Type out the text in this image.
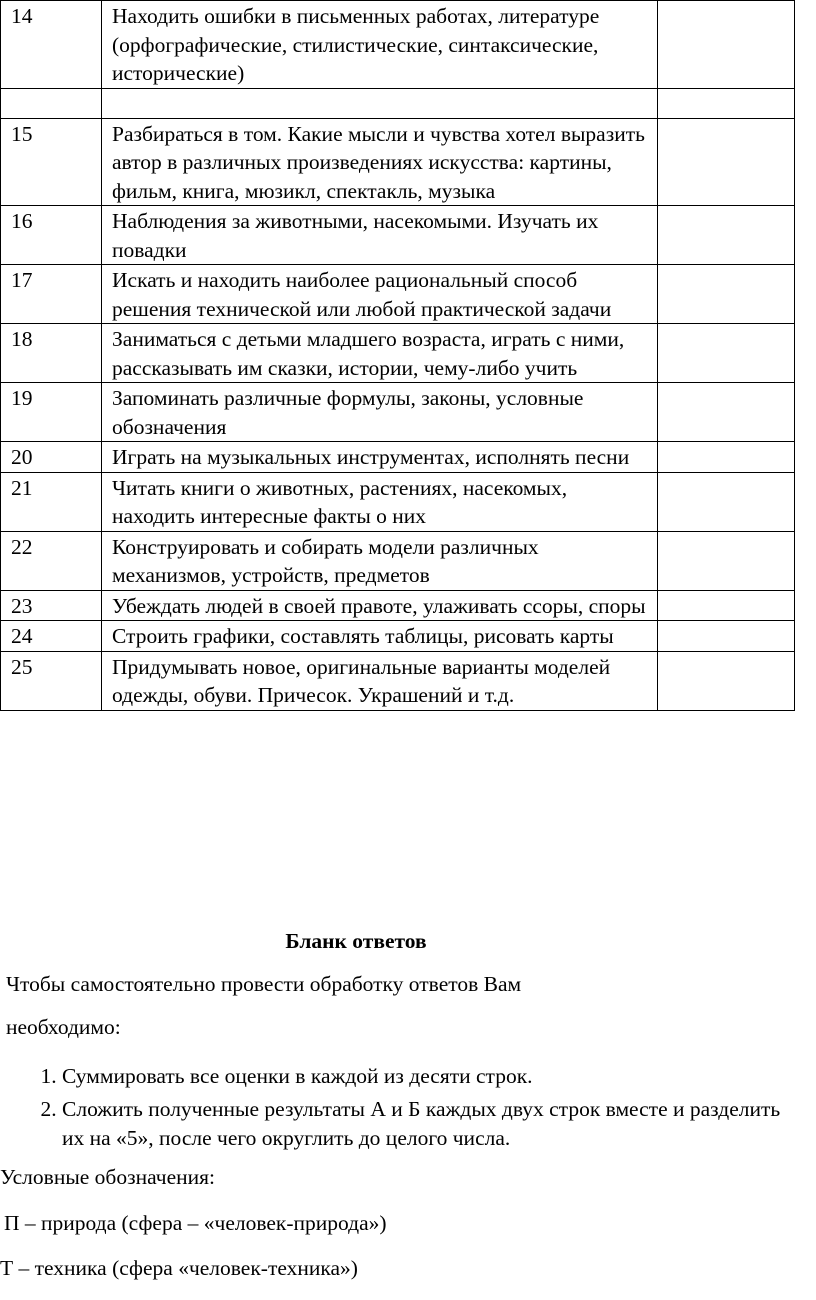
14	Находить ошибки в письменных работах, литературе (орфографические, стилистические, синтаксические, исторические)	

15	Разбираться в том. Какие мысли и чувства хотел выразить автор в различных произведениях искусства: картины, фильм, книга, мюзикл, спектакль, музыка	
16	Наблюдения за животными, насекомыми. Изучать их повадки	
17	Искать и находить наиболее рациональный способ решения технической или любой практической задачи	
18	Заниматься с детьми младшего возраста, играть с ними, рассказывать им сказки, истории, чему-либо учить	
19	Запоминать различные формулы, законы, условные обозначения	
20	Играть на музыкальных инструментах, исполнять песни	
21	Читать книги о животных, растениях, насекомых, находить интересные факты о них	
22	Конструировать и собирать модели различных механизмов, устройств, предметов	
23	Убеждать людей в своей правоте, улаживать ссоры, споры	
24	Строить графики, составлять таблицы, рисовать карты	
25	Придумывать новое, оригинальные варианты моделей одежды, обуви. Причесок. Украшений и т.д.	
Бланк ответов
Чтобы самостоятельно провести обработку ответов Вам
необходимо:
1. Суммировать все оценки в каждой из десяти строк.
2. Сложить полученные результаты А и Б каждых двух строк вместе и разделить их на «5», после чего округлить до целого числа.
Условные обозначения:
П – природа (сфера – «человек-природа»)
Т – техника (сфера «человек-техника»)
